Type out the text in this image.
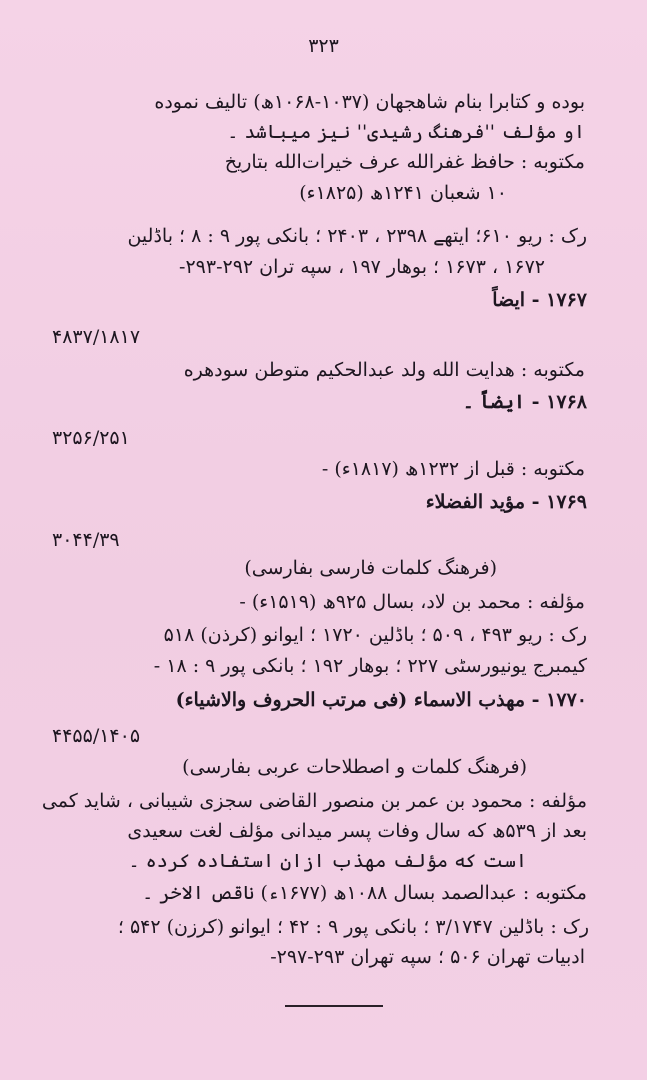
۳۲۳
بوده و کتابرا بنام شاهجهان (۱۰۳۷-۱۰۶۸ھ) تالیف نموده
او مؤلف ''فرهنگ رشیدی'' نیز میباشد ۔
مکتوبه : حافظ غفرالله عرف خیرات‌الله بتاریخ
۱۰ شعبان ۱۲۴۱ھ (۱۸۲۵ء)
رک : ریو ۶۱۰؛ ایتهے ۲۳۹۸ ، ۲۴۰۳ ؛ بانکی پور ۹ : ۸ ؛ باڈلین
۱۶۷۲ ، ۱۶۷۳ ؛ بوهار ۱۹۷ ، سپه تران ۲۹۲-۲۹۳-
۱۷۶۷ - ایضاً
۴۸۳۷/۱۸۱۷
مکتوبه : هدایت الله ولد عبدالحکیم متوطن سودهره
۱۷۶۸ - ایضاً ۔
۳۲۵۶/۲۵۱
مکتوبه : قبل از ۱۲۳۲ھ (۱۸۱۷ء) -
۱۷۶۹ - مؤید الفضلاء
۳۰۴۴/۳۹
(فرهنگ کلمات فارسی بفارسی)
مؤلفه : محمد بن لاد، بسال ۹۲۵ھ (۱۵۱۹ء) -
رک : ریو ۴۹۳ ، ۵۰۹ ؛ باڈلین ۱۷۲۰ ؛ ایوانو (کرذن) ۵۱۸
کیمبرج یونیورسٹی ۲۲۷ ؛ بوهار ۱۹۲ ؛ بانکی پور ۹ : ۱۸ -
۱۷۷۰ - مهذب الاسماء (فی مرتب الحروف والاشیاء)
۴۴۵۵/۱۴۰۵
(فرهنگ کلمات و اصطلاحات عربی بفارسی)
مؤلفه : محمود بن عمر بن منصور القاضی سجزی شیبانی ، شاید کمی
بعد از ۵۳۹ھ که سال وفات پسر میدانی مؤلف لغت سعیدی
است که مؤلف مهذب ازان استفاده کرده ۔
مکتوبه : عبدالصمد بسال ۱۰۸۸ھ (۱۶۷۷ء) ناقص الاخر ۔
رک : باڈلین ۳/۱۷۴۷ ؛ بانکی پور ۹ : ۴۲ ؛ ایوانو (کرزن) ۵۴۲ ؛
ادبیات تهران ۵۰۶ ؛ سپه تهران ۲۹۳-۲۹۷-
